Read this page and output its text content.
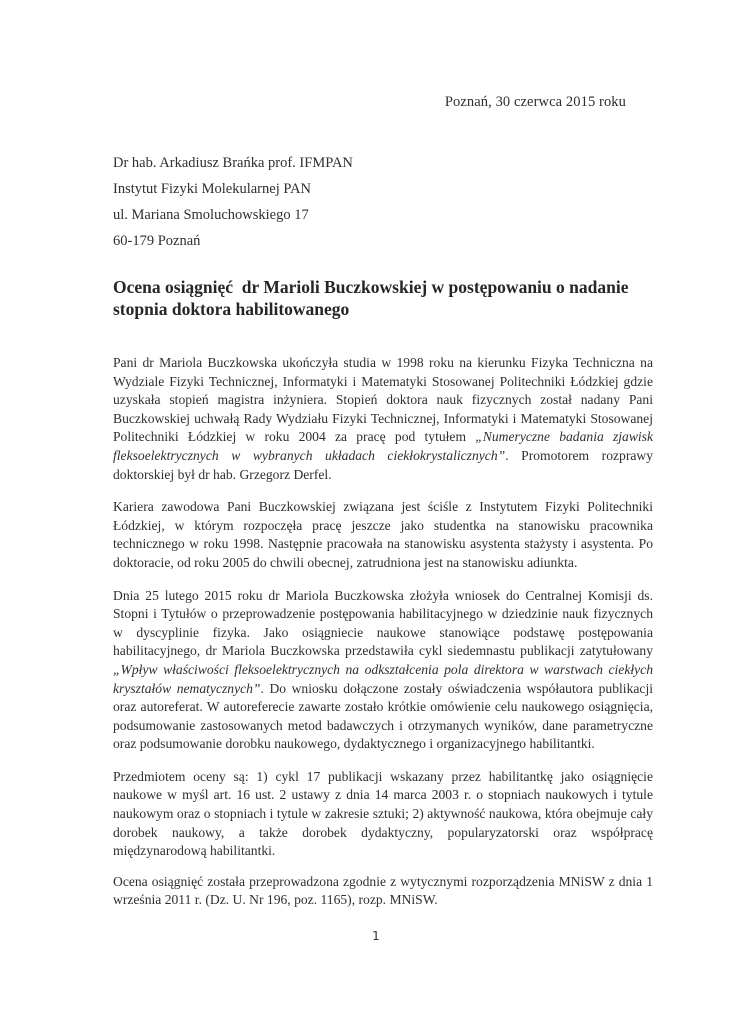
Poznań, 30 czerwca 2015 roku
Dr hab. Arkadiusz Brańka prof. IFMPAN
Instytut Fizyki Molekularnej PAN
ul. Mariana Smoluchowskiego 17
60-179 Poznań
Ocena osiągnięć  dr Marioli Buczkowskiej w postępowaniu o nadanie
stopnia doktora habilitowanego

Pani dr Mariola Buczkowska ukończyła studia w 1998 roku na kierunku Fizyka Techniczna na Wydziale Fizyki Technicznej, Informatyki i Matematyki Stosowanej Politechniki Łódzkiej gdzie uzyskała stopień magistra inżyniera. Stopień doktora nauk fizycznych został nadany Pani Buczkowskiej uchwałą Rady Wydziału Fizyki Technicznej, Informatyki i Matematyki Stosowanej Politechniki Łódzkiej w roku 2004 za pracę pod tytułem „Numeryczne badania zjawisk fleksoelektrycznych w wybranych układach ciekłokrystalicznych”. Promotorem rozprawy doktorskiej był dr hab. Grzegorz Derfel.

Kariera zawodowa Pani Buczkowskiej związana jest ściśle z Instytutem Fizyki Politechniki Łódzkiej, w którym rozpoczęła pracę jeszcze jako studentka na stanowisku pracownika technicznego w roku 1998. Następnie pracowała na stanowisku asystenta stażysty i asystenta. Po doktoracie, od roku 2005 do chwili obecnej, zatrudniona jest na stanowisku adiunkta.

Dnia 25 lutego 2015 roku dr Mariola Buczkowska złożyła wniosek do Centralnej Komisji ds. Stopni i Tytułów o przeprowadzenie postępowania habilitacyjnego w dziedzinie nauk fizycznych w dyscyplinie fizyka. Jako osiągniecie naukowe stanowiące podstawę postępowania habilitacyjnego, dr Mariola Buczkowska przedstawiła cykl siedemnastu publikacji zatytułowany „Wpływ właściwości fleksoelektrycznych na odkształcenia pola direktora w warstwach ciekłych kryształów nematycznych”. Do wniosku dołączone zostały oświadczenia współautora publikacji oraz autoreferat. W autoreferecie zawarte zostało krótkie omówienie celu naukowego osiągnięcia, podsumowanie zastosowanych metod badawczych i otrzymanych wyników, dane parametryczne oraz podsumowanie dorobku naukowego, dydaktycznego i organizacyjnego habilitantki.

Przedmiotem oceny są: 1) cykl 17 publikacji wskazany przez habilitantkę jako osiągnięcie naukowe w myśl art. 16 ust. 2 ustawy z dnia 14 marca 2003 r. o stopniach naukowych i tytule naukowym oraz o stopniach i tytule w zakresie sztuki; 2) aktywność naukowa, która obejmuje cały dorobek naukowy, a także dorobek dydaktyczny, popularyzatorski oraz współpracę międzynarodową habilitantki.

Ocena osiągnięć została przeprowadzona zgodnie z wytycznymi rozporządzenia MNiSW z dnia 1 września 2011 r. (Dz. U. Nr 196, poz. 1165), rozp. MNiSW.

1
